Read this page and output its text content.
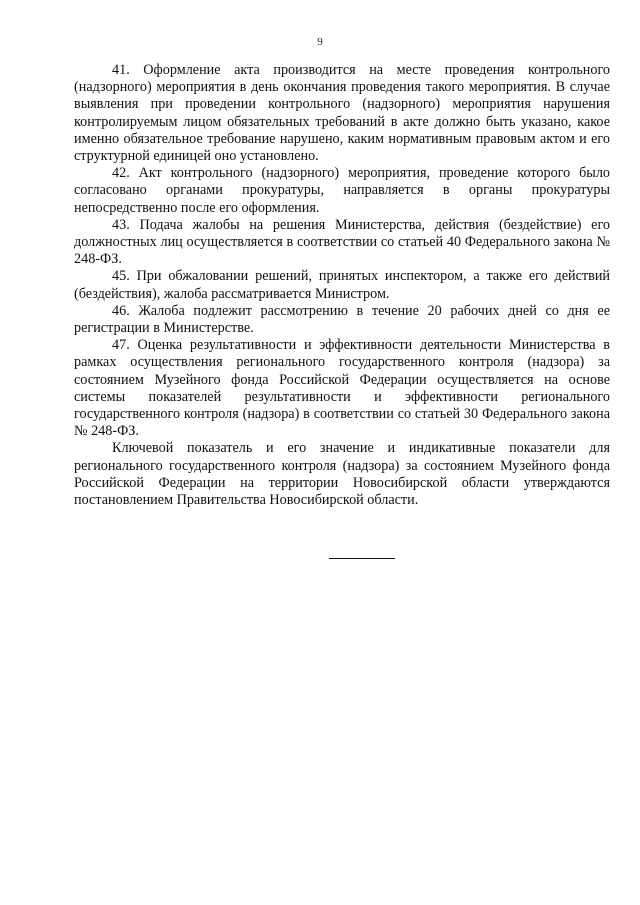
9

41. Оформление акта производится на месте проведения контрольного (надзорного) мероприятия в день окончания проведения такого мероприятия. В случае выявления при проведении контрольного (надзорного) мероприятия нарушения контролируемым лицом обязательных требований в акте должно быть указано, какое именно обязательное требование нарушено, каким нормативным правовым актом и его структурной единицей оно установлено.

42. Акт контрольного (надзорного) мероприятия, проведение которого было согласовано органами прокуратуры, направляется в органы прокуратуры непосредственно после его оформления.

43. Подача жалобы на решения Министерства, действия (бездействие) его должностных лиц осуществляется в соответствии со статьей 40 Федерального закона № 248-ФЗ.

45. При обжаловании решений, принятых инспектором, а также его действий (бездействия), жалоба рассматривается Министром.

46. Жалоба подлежит рассмотрению в течение 20 рабочих дней со дня ее регистрации в Министерстве.

47. Оценка результативности и эффективности деятельности Министерства в рамках осуществления регионального государственного контроля (надзора) за состоянием Музейного фонда Российской Федерации осуществляется на основе системы показателей результативности и эффективности регионального государственного контроля (надзора) в соответствии со статьей 30 Федерального закона № 248-ФЗ.

Ключевой показатель и его значение и индикативные показатели для регионального государственного контроля (надзора) за состоянием Музейного фонда Российской Федерации на территории Новосибирской области утверждаются постановлением Правительства Новосибирской области.
